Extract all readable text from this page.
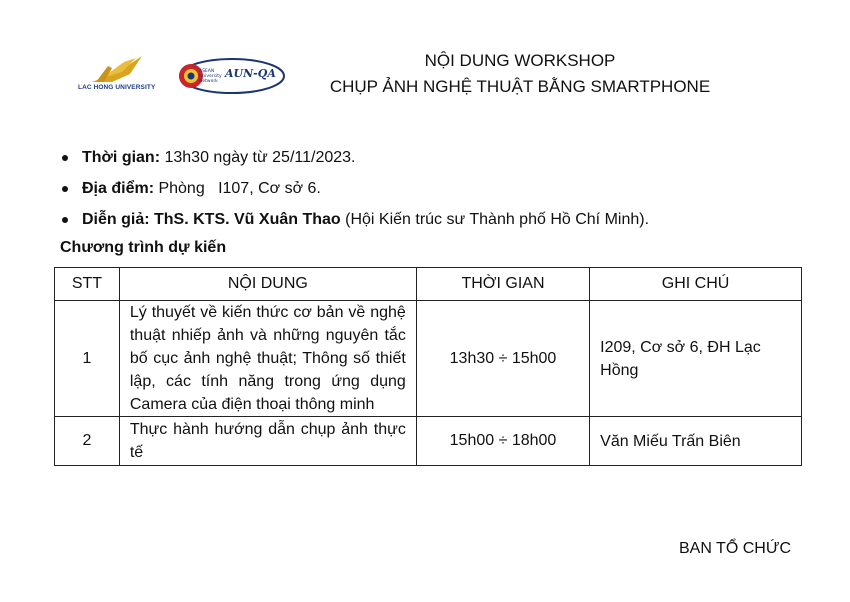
LAC HONG UNIVERSITY
ASEAN
University
Network
AUN-QA
NỘI DUNG WORKSHOP
CHỤP ẢNH NGHỆ THUẬT BẰNG SMARTPHONE
Thời gian: 13h30 ngày từ 25/11/2023.
Địa điểm: Phòng   I107, Cơ sở 6.
Diễn giả: ThS. KTS. Vũ Xuân Thao (Hội Kiến trúc sư Thành phố Hồ Chí Minh).
Chương trình dự kiến
STT	NỘI DUNG	THỜI GIAN	GHI CHÚ
1	Lý thuyết về kiến thức cơ bản về nghệ thuật nhiếp ảnh và những nguyên tắc bố cục ảnh nghệ thuật; Thông số thiết lập, các tính năng trong ứng dụng Camera của điện thoại thông minh	13h30 ÷ 15h00	I209, Cơ sở 6, ĐH Lạc Hồng
2	Thực hành hướng dẫn chụp ảnh thực tế	15h00 ÷ 18h00	Văn Miếu Trấn Biên
BAN TỔ CHỨC
